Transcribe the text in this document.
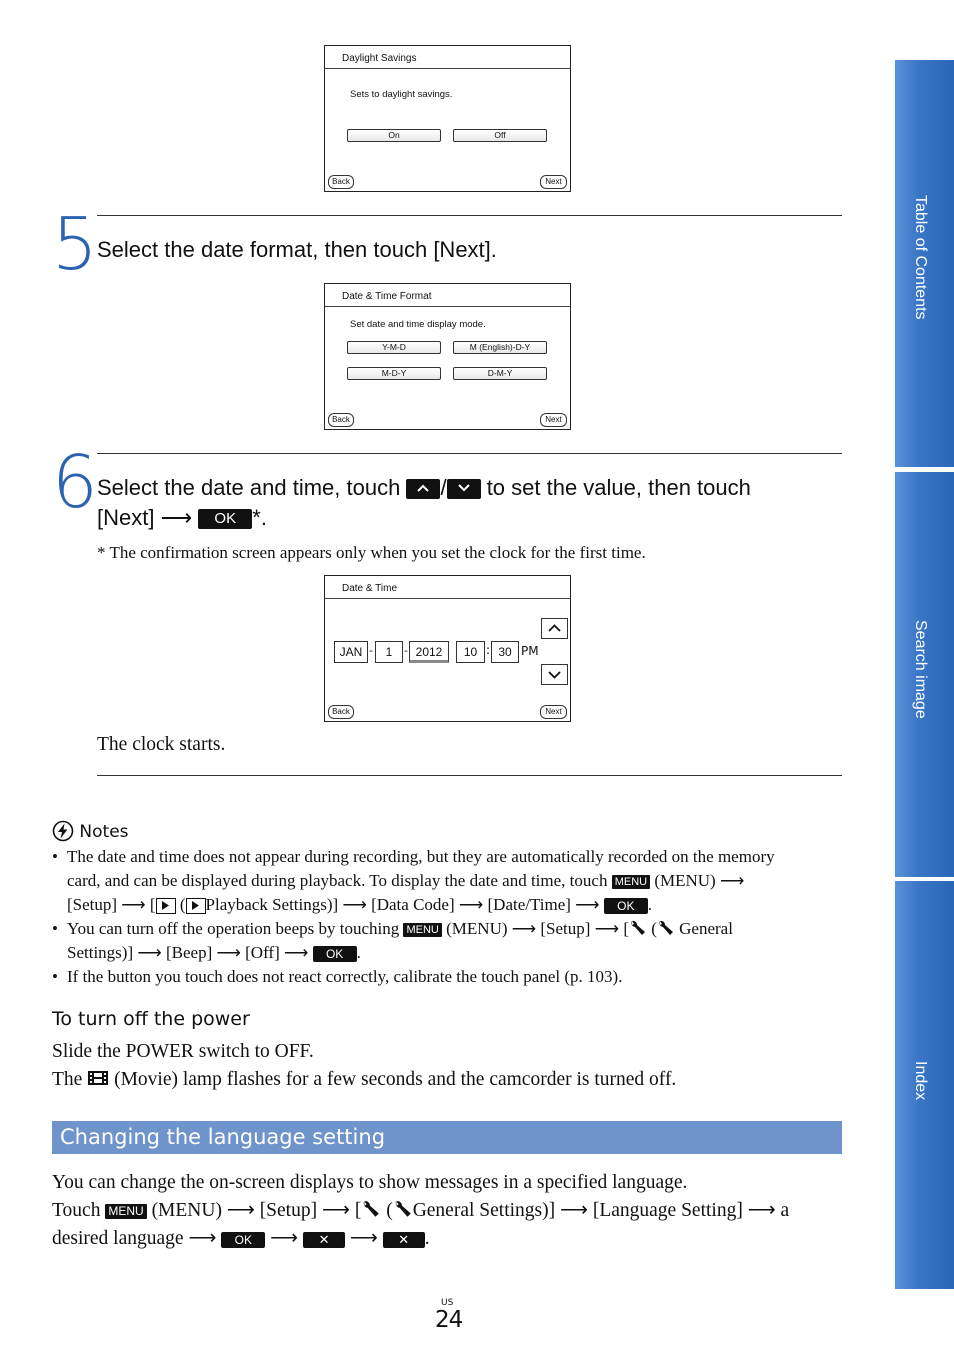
Daylight Savings
Sets to daylight savings.
On	Off
Back	Next
5 Select the date format, then touch [Next].
Date & Time Format
Set date and time display mode.
Y-M-D	M (English)-D-Y
M-D-Y	D-M-Y
Back	Next
6 Select the date and time, touch / to set the value, then touch
[Next] ⟶ OK *.
* The confirmation screen appears only when you set the clock for the first time.
Date & Time
JAN -	1	- 2012	10 : 30 PM
Back	Next
The clock starts.
Notes
• The date and time does not appear during recording, but they are automatically recorded on the memory
card, and can be displayed during playback. To display the date and time, touch MENU (MENU) ⟶
[Setup] ⟶ [
( Playback Settings)] ⟶ [Data Code] ⟶ [Date/Time] ⟶ OK .
• You can turn off the operation beeps by touching MENU (MENU) ⟶ [Setup] ⟶ [ ( General
Settings)] ⟶ [Beep] ⟶ [Off] ⟶ OK .
• If the button you touch does not react correctly, calibrate the touch panel (p. 103).
To turn off the power
Slide the POWER switch to OFF.
The (Movie) lamp flashes for a few seconds and the camcorder is turned off.
Changing the language setting
You can change the on-screen displays to show messages in a specified language.
Touch MENU (MENU) ⟶ [Setup] ⟶ [ ( General Settings)] ⟶ [Language Setting] ⟶ a
desired language ⟶ OK ⟶ ✕ ⟶ ✕ .
US
24
Table of Contents
Search image
Index
